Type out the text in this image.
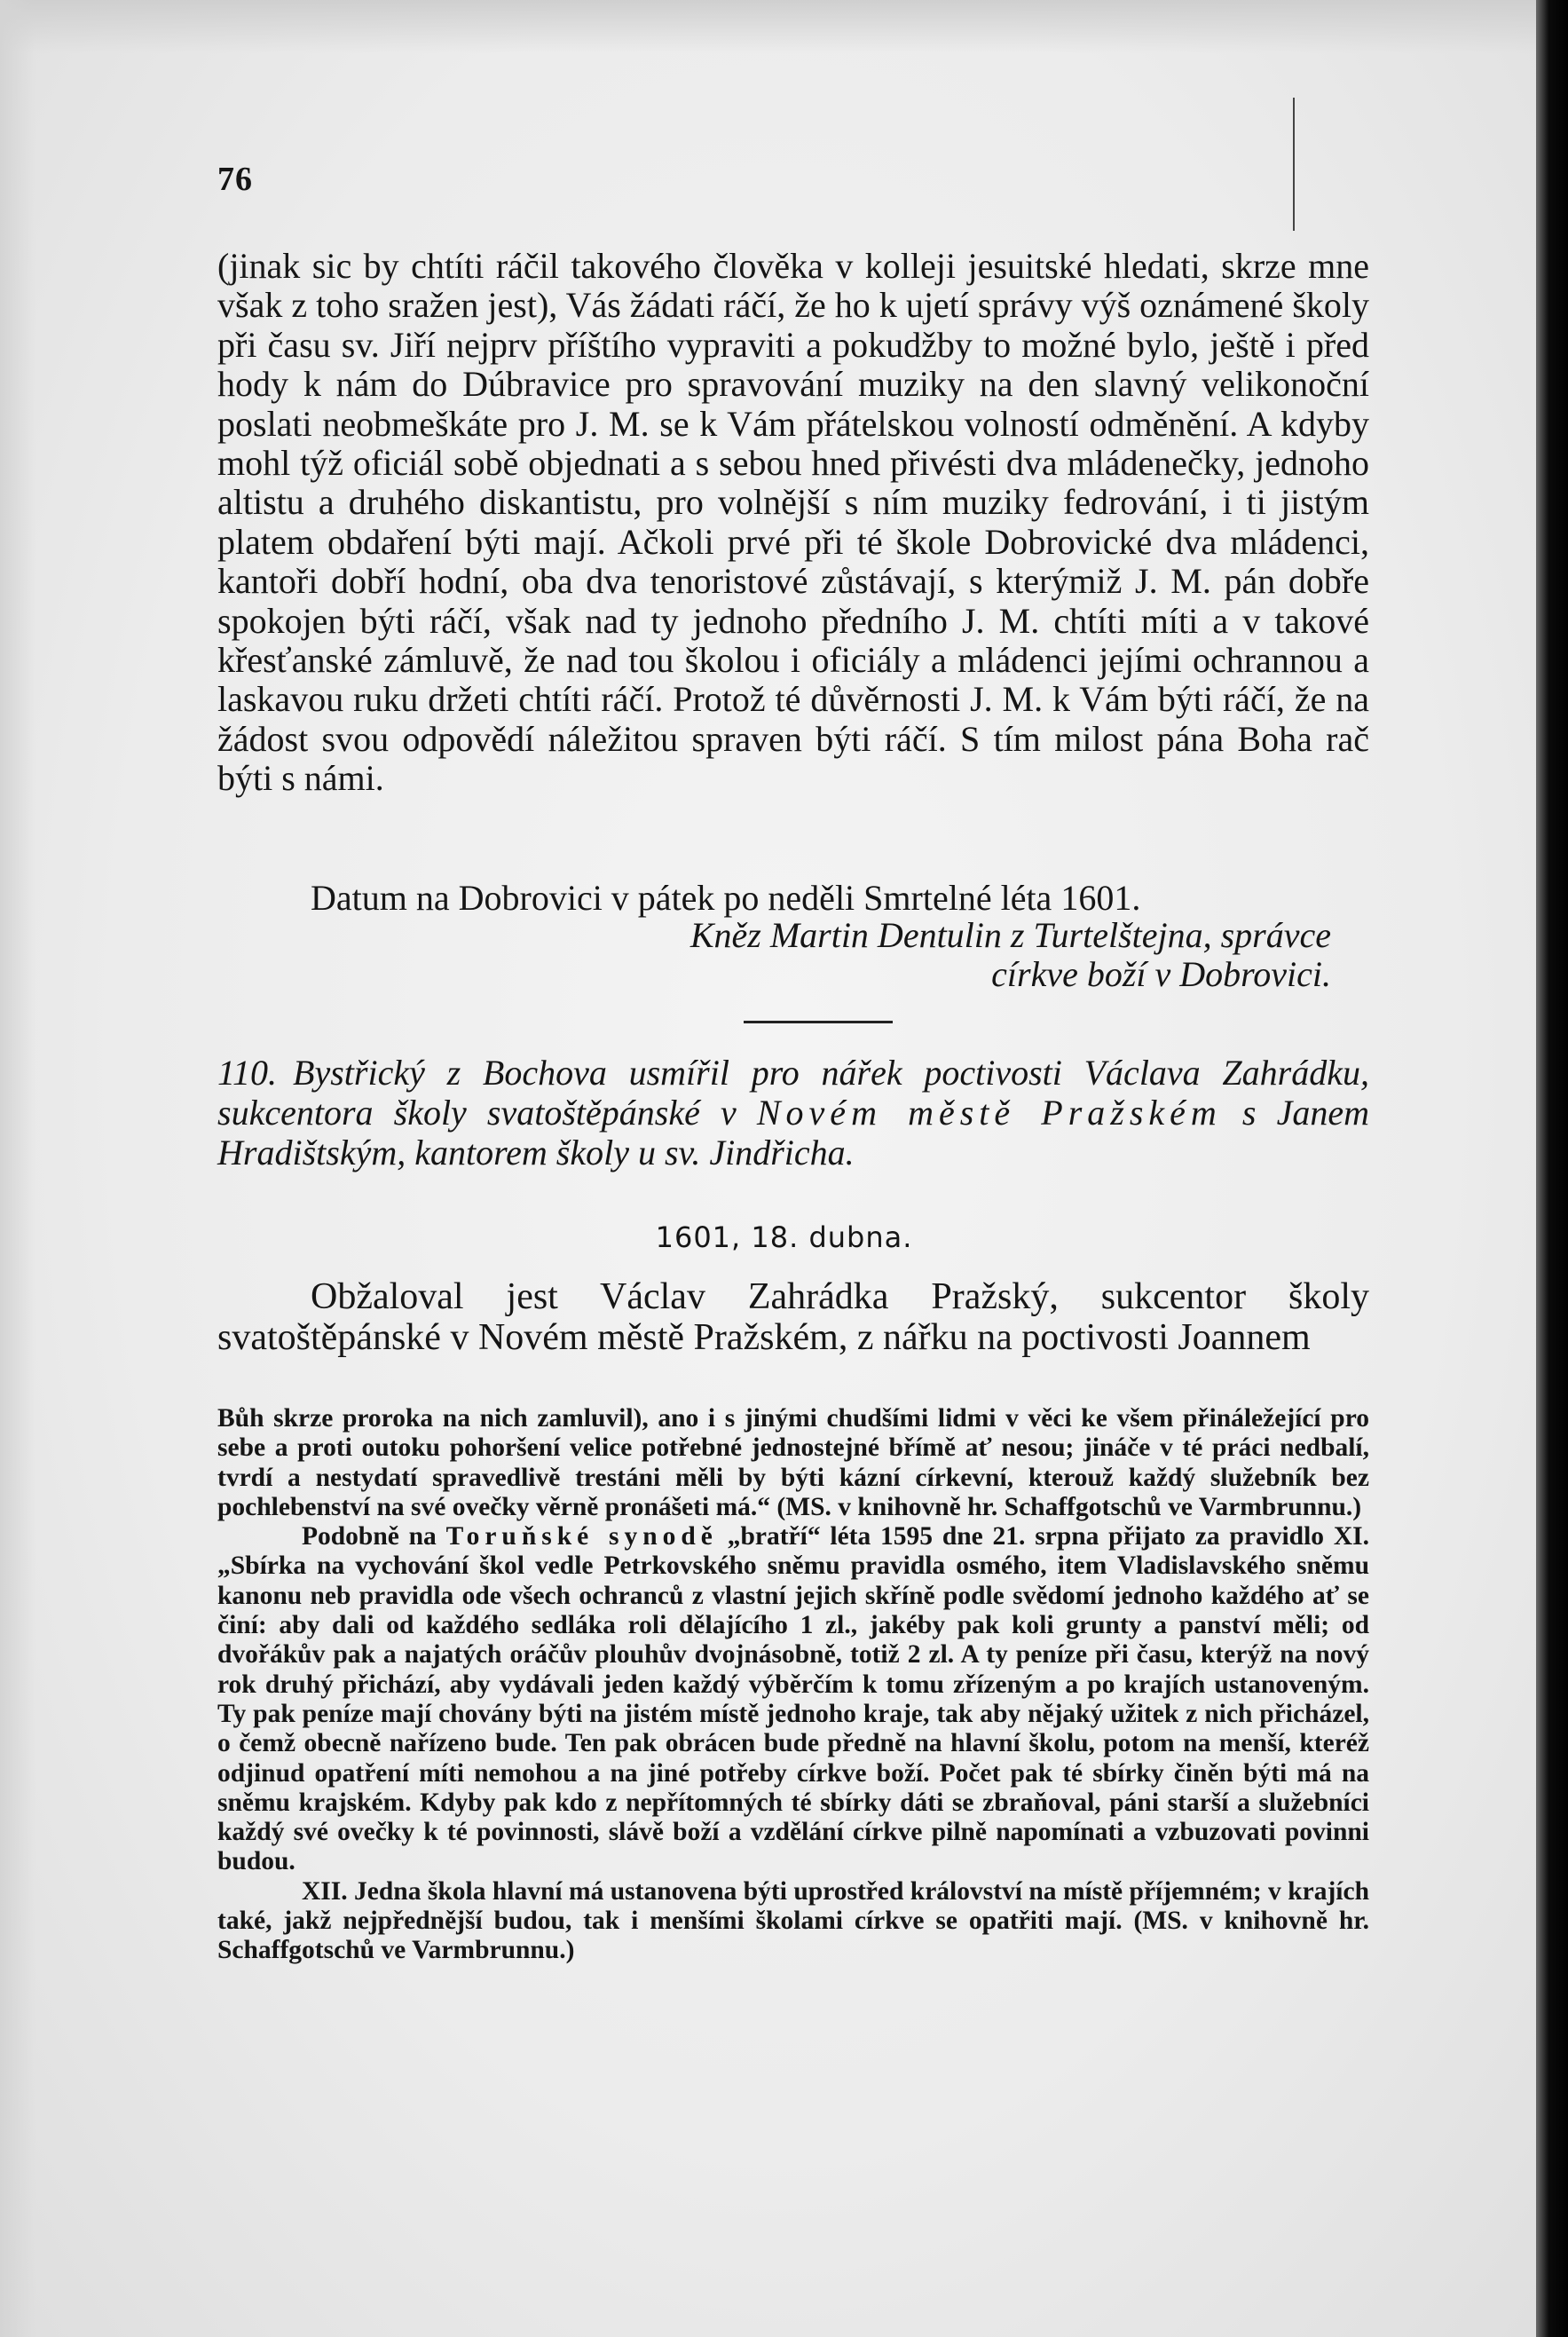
76

(jinak sic by chtíti ráčil takového člověka v kolleji jesuitské hledati, skrze mne však z toho sražen jest), Vás žádati ráčí, že ho k ujetí správy výš oznámené školy při času sv. Jiří nejprv příštího vypraviti a pokudžby to možné bylo, ještě i před hody k nám do Dúbravice pro spravování muziky na den slavný velikonoční poslati neobmeškáte pro J. M. se k Vám přátelskou volností odměnění. A kdyby mohl týž oficiál sobě objednati a s sebou hned přivésti dva mládenečky, jednoho altistu a druhého diskantistu, pro volnější s ním muziky fedrování, i ti jistým platem obdaření býti mají. Ačkoli prvé při té škole Dobrovické dva mládenci, kantoři dobří hodní, oba dva tenoristové zůstávají, s kterýmiž J. M. pán dobře spokojen býti ráčí, však nad ty jednoho předního J. M. chtíti míti a v takové křesťanské zámluvě, že nad tou školou i oficiály a mládenci jejími ochrannou a laskavou ruku držeti chtíti ráčí. Protož té důvěrnosti J. M. k Vám býti ráčí, že na žádost svou odpovědí náležitou spraven býti ráčí. S tím milost pána Boha rač býti s námi.

Datum na Dobrovici v pátek po neděli Smrtelné léta 1601.
Kněz Martin Dentulin z Turtelštejna, správce
církve boží v Dobrovici.
110. Bystřický z Bochova usmířil pro nářek poctivosti Václava Zahrádku, sukcentora školy svatoštěpánské v Novém městě Pražském s Janem Hradištským, kantorem školy u sv. Jindřicha.
1601, 18. dubna.
Obžaloval jest Václav Zahrádka Pražský, sukcentor školy svatoštěpánské v Novém městě Pražském, z nářku na poctivosti Joannem

Bůh skrze proroka na nich zamluvil), ano i s jinými chudšími lidmi v věci ke všem přináležející pro sebe a proti outoku pohoršení velice potřebné jednostejné břímě ať nesou; jináče v té práci nedbalí, tvrdí a nestydatí spravedlivě trestáni měli by býti kázní církevní, kterouž každý služebník bez pochlebenství na své ovečky věrně pronášeti má.“ (MS. v knihovně hr. Schaffgotschů ve Varmbrunnu.)

Podobně na Toruňské synodě „bratří“ léta 1595 dne 21. srpna přijato za pravidlo XI. „Sbírka na vychování škol vedle Petrkovského sněmu pravidla osmého, item Vladislavského sněmu kanonu neb pravidla ode všech ochranců z vlastní jejich skříně podle svědomí jednoho každého ať se činí: aby dali od každého sedláka roli dělajícího 1 zl., jakéby pak koli grunty a panství měli; od dvořákův pak a najatých oráčův plouhův dvojnásobně, totiž 2 zl. A ty peníze při času, kterýž na nový rok druhý přichází, aby vydávali jeden každý výběrčím k tomu zřízeným a po krajích ustanoveným. Ty pak peníze mají chovány býti na jistém místě jednoho kraje, tak aby nějaký užitek z nich přicházel, o čemž obecně nařízeno bude. Ten pak obrácen bude předně na hlavní školu, potom na menší, kteréž odjinud opatření míti nemohou a na jiné potřeby církve boží. Počet pak té sbírky činěn býti má na sněmu krajském. Kdyby pak kdo z nepřítomných té sbírky dáti se zbraňoval, páni starší a služebníci každý své ovečky k té povinnosti, slávě boží a vzdělání církve pilně napomínati a vzbuzovati povinni budou.

XII. Jedna škola hlavní má ustanovena býti uprostřed království na místě příjemném; v krajích také, jakž nejpřednější budou, tak i menšími školami církve se opatřiti mají. (MS. v knihovně hr. Schaffgotschů ve Varmbrunnu.)
